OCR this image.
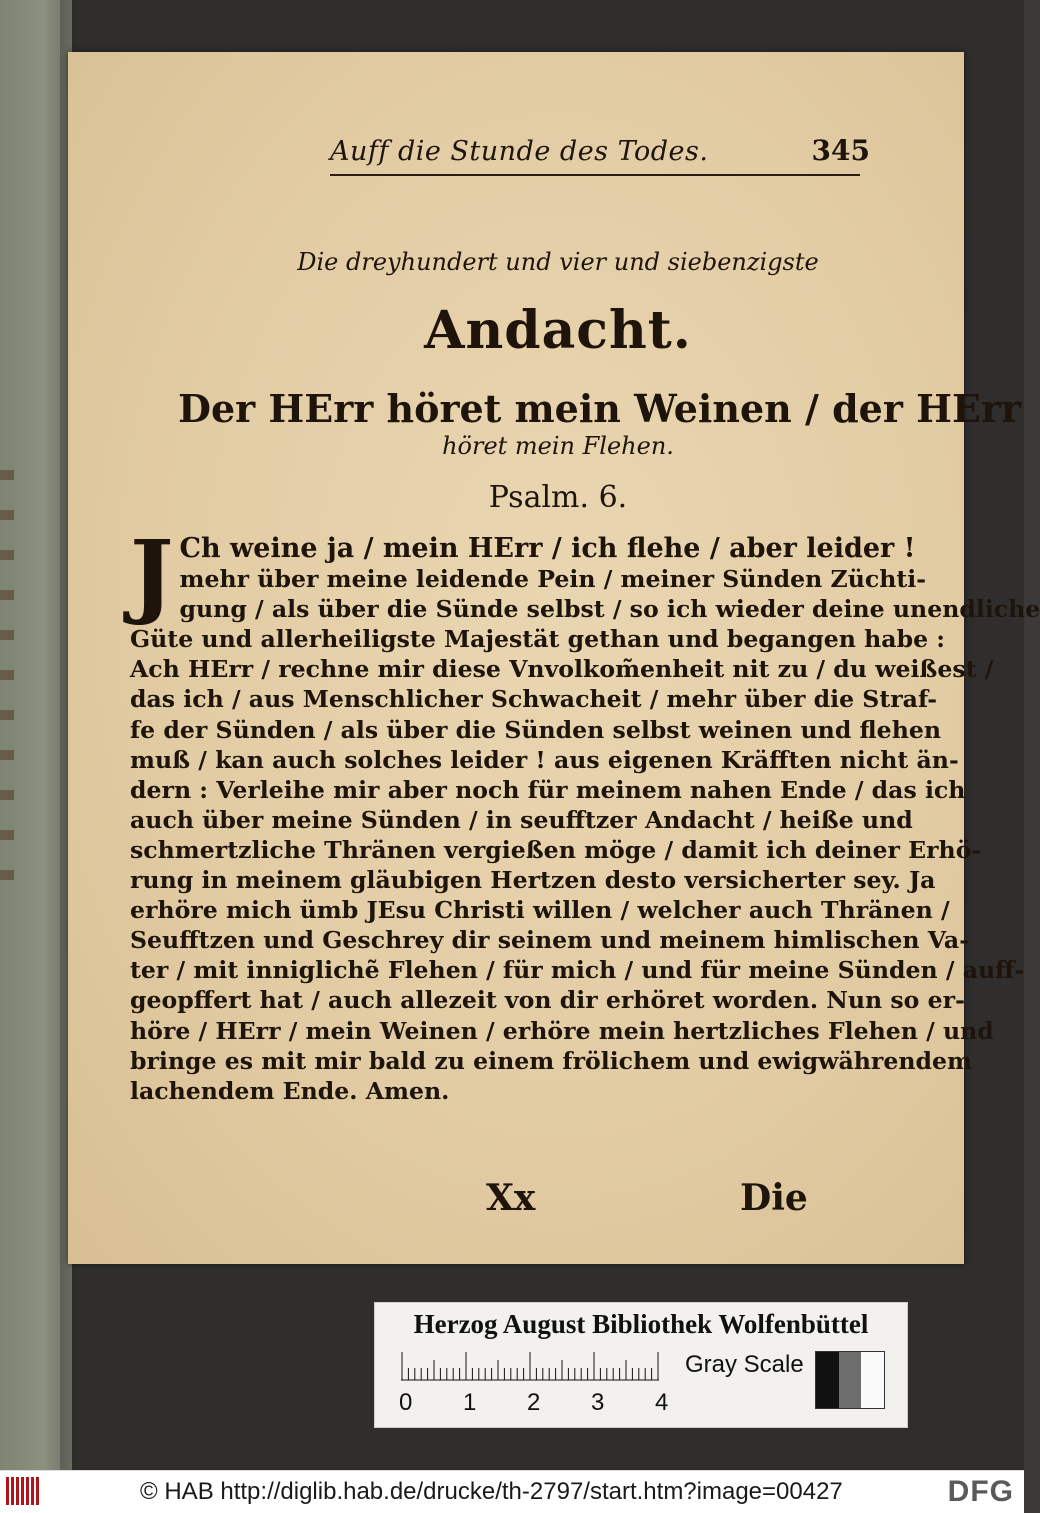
Auff die Stunde des Todes.	345
Die dreyhundert und vier und siebenzigste
Andacht.
Der HErr höret mein Weinen / der HErr
höret mein Flehen.
Psalm. 6.
J Ch weine ja / mein HErr / ich flehe / aber leider !
mehr über meine leidende Pein / meiner Sünden Züchti-
gung / als über die Sünde selbst / so ich wieder deine unendliche
Güte und allerheiligste Majestät gethan und begangen habe :
Ach HErr / rechne mir diese Vnvolkom̃enheit nit zu / du weißest /
das ich / aus Menschlicher Schwacheit / mehr über die Straf-
fe der Sünden / als über die Sünden selbst weinen und flehen
muß / kan auch solches leider ! aus eigenen Kräfften nicht än-
dern : Verleihe mir aber noch für meinem nahen Ende / das ich
auch über meine Sünden / in seufftzer Andacht / heiße und
schmertzliche Thränen vergießen möge / damit ich deiner Erhö-
rung in meinem gläubigen Hertzen desto versicherter sey. Ja
erhöre mich ümb JEsu Christi willen / welcher auch Thränen /
Seufftzen und Geschrey dir seinem und meinem himlischen Va-
ter / mit inniglichẽ Flehen / für mich / und für meine Sünden / auff-
geopffert hat / auch allezeit von dir erhöret worden. Nun so er-
höre / HErr / mein Weinen / erhöre mein hertzliches Flehen / und
bringe es mit mir bald zu einem frölichem und ewigwährendem
lachendem Ende. Amen.
Xx	Die
Herzog August Bibliothek Wolfenbüttel
0 1 2 3 4
Gray Scale
© HAB http://diglib.hab.de/drucke/th-2797/start.htm?image=00427	DFG
